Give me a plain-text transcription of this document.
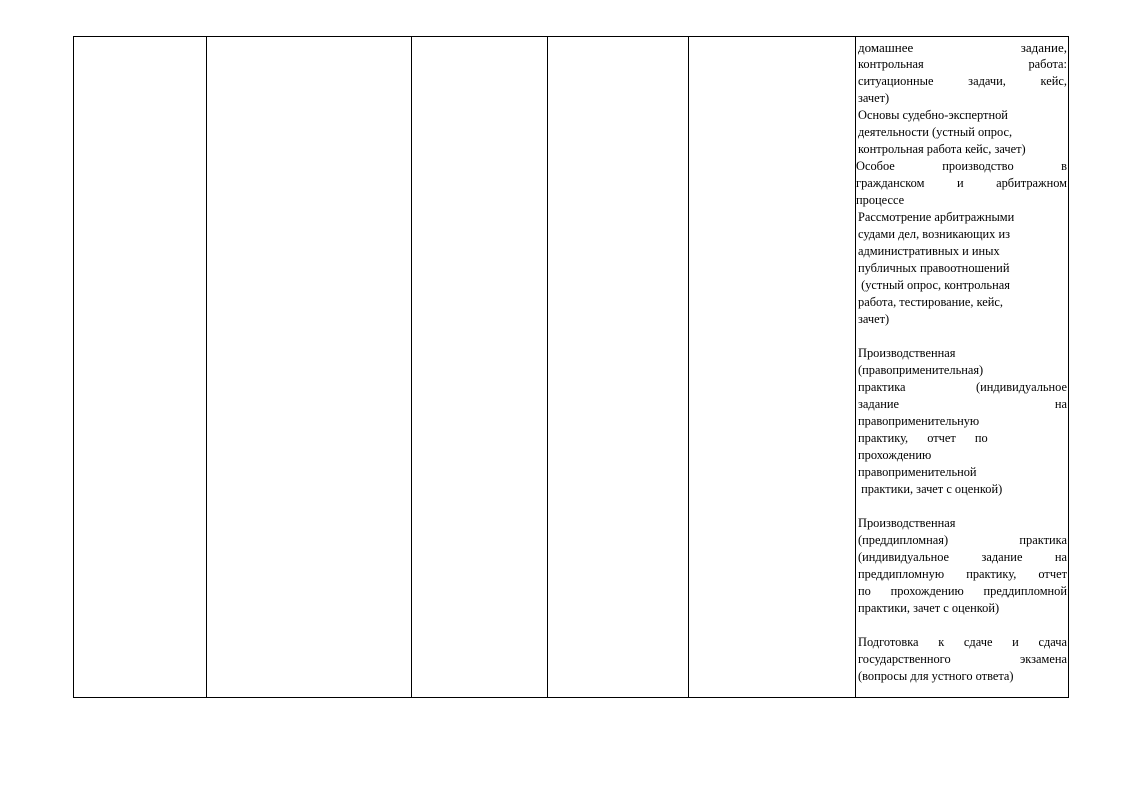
домашнее задание,
контрольная работа:
ситуационные задачи, кейс,
зачет)
Основы судебно-экспертной
деятельности (устный опрос,
контрольная работа кейс, зачет)
Особое производство в
гражданском и арбитражном
процессе
Рассмотрение арбитражными
судами дел, возникающих из
административных и иных
публичных правоотношений
(устный опрос, контрольная
работа, тестирование, кейс,
зачет)
Производственная
(правоприменительная)
практика (индивидуальное
задание на
правоприменительную
практику, отчет по
прохождению
правоприменительной
практики, зачет с оценкой)
Производственная
(преддипломная) практика
(индивидуальное задание на
преддипломную практику, отчет
по прохождению преддипломной
практики, зачет с оценкой)
Подготовка к сдаче и сдача
государственного экзамена
(вопросы для устного ответа)
